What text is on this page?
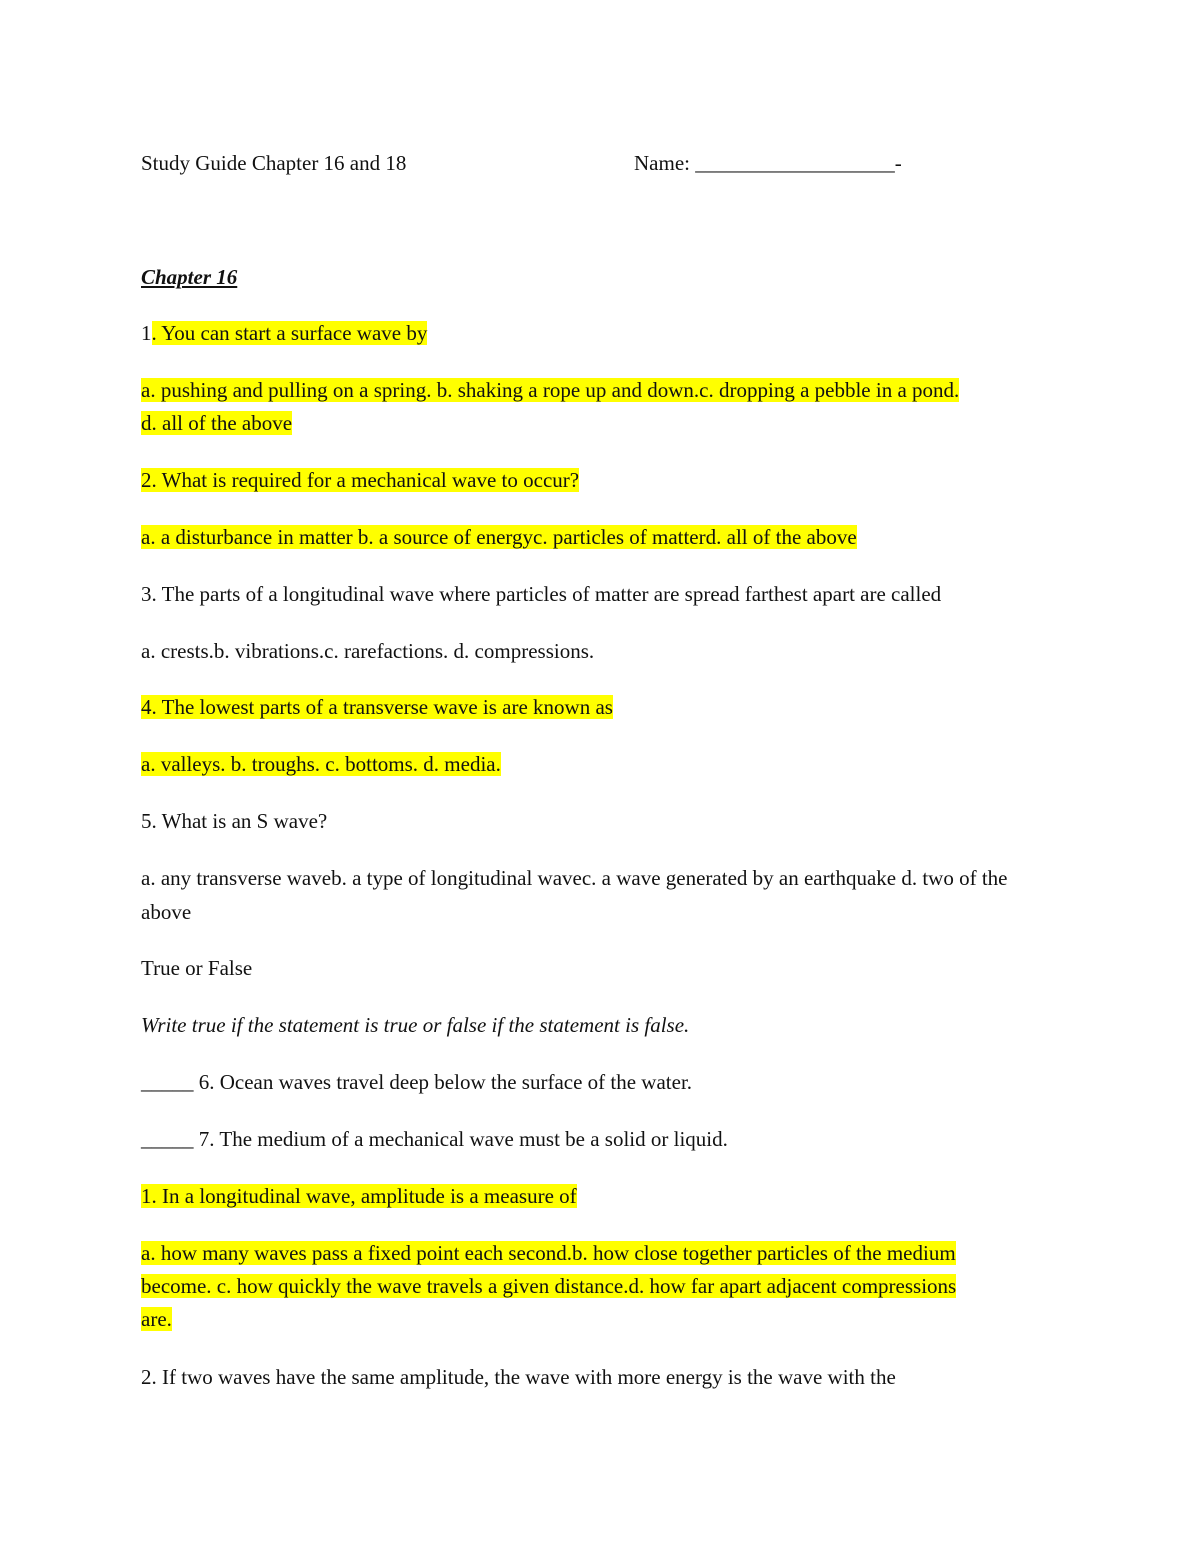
Study Guide Chapter 16 and 18	Name: ___________________-
Chapter 16
1. You can start a surface wave by
a. pushing and pulling on a spring. b. shaking a rope up and down.c. dropping a pebble in a pond.
d. all of the above
2. What is required for a mechanical wave to occur?
a. a disturbance in matter b. a source of energyc. particles of matterd. all of the above
3. The parts of a longitudinal wave where particles of matter are spread farthest apart are called
a. crests.b. vibrations.c. rarefactions. d. compressions.
4. The lowest parts of a transverse wave is are known as
a. valleys. b. troughs. c. bottoms. d. media.
5. What is an S wave?
a. any transverse waveb. a type of longitudinal wavec. a wave generated by an earthquake d. two of the above
True or False
Write true if the statement is true or false if the statement is false.
_____ 6. Ocean waves travel deep below the surface of the water.
_____ 7. The medium of a mechanical wave must be a solid or liquid.
1. In a longitudinal wave, amplitude is a measure of
a. how many waves pass a fixed point each second.b. how close together particles of the medium
become. c. how quickly the wave travels a given distance.d. how far apart adjacent compressions
are.
2. If two waves have the same amplitude, the wave with more energy is the wave with the
